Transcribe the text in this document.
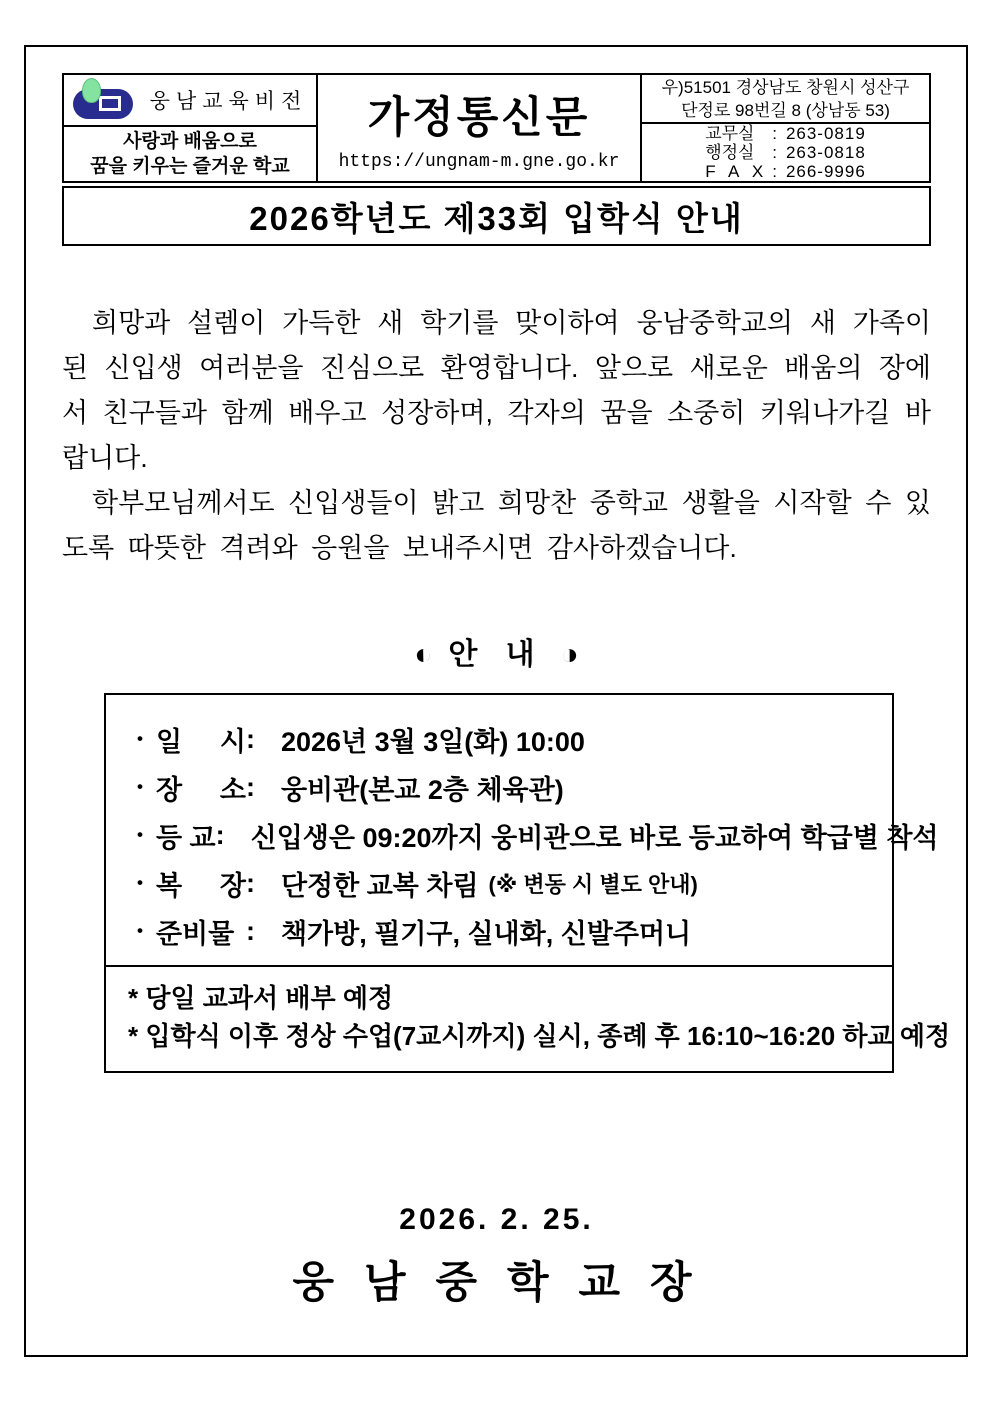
웅남교육비전
사랑과 배움으로
꿈을 키우는 즐거운 학교
가정통신문
https://ungnam-m.gne.go.kr
우)51501 경상남도 창원시 성산구
단정로 98번길 8 (상남동 53)
교무실	: 263-0819
행정실	: 263-0818
F A X : 266-9996
2026학년도 제33회 입학식 안내

희망과 설렘이 가득한 새 학기를 맞이하여 웅남중학교의 새 가족이 된 신입생 여러분을 진심으로 환영합니다. 앞으로 새로운 배움의 장에서 친구들과 함께 배우고 성장하며, 각자의 꿈을 소중히 키워나가길 바랍니다.

학부모님께서도 신입생들이 밝고 희망찬 중학교 생활을 시작할 수 있도록 따뜻한 격려와 응원을 보내주시면 감사하겠습니다.

◐ 안 내 ◑
• 일 시 : 2026년 3월 3일(화) 10:00
• 장 소 : 웅비관(본교 2층 체육관)
• 등 교 : 신입생은 09:20까지 웅비관으로 바로 등교하여 학급별 착석
• 복 장 : 단정한 교복 차림 (※ 변동 시 별도 안내)
• 준비물 : 책가방, 필기구, 실내화, 신발주머니
* 당일 교과서 배부 예정
* 입학식 이후 정상 수업(7교시까지) 실시, 종례 후 16:10~16:20 하교 예정
2026. 2. 25.
웅 남 중 학 교 장
